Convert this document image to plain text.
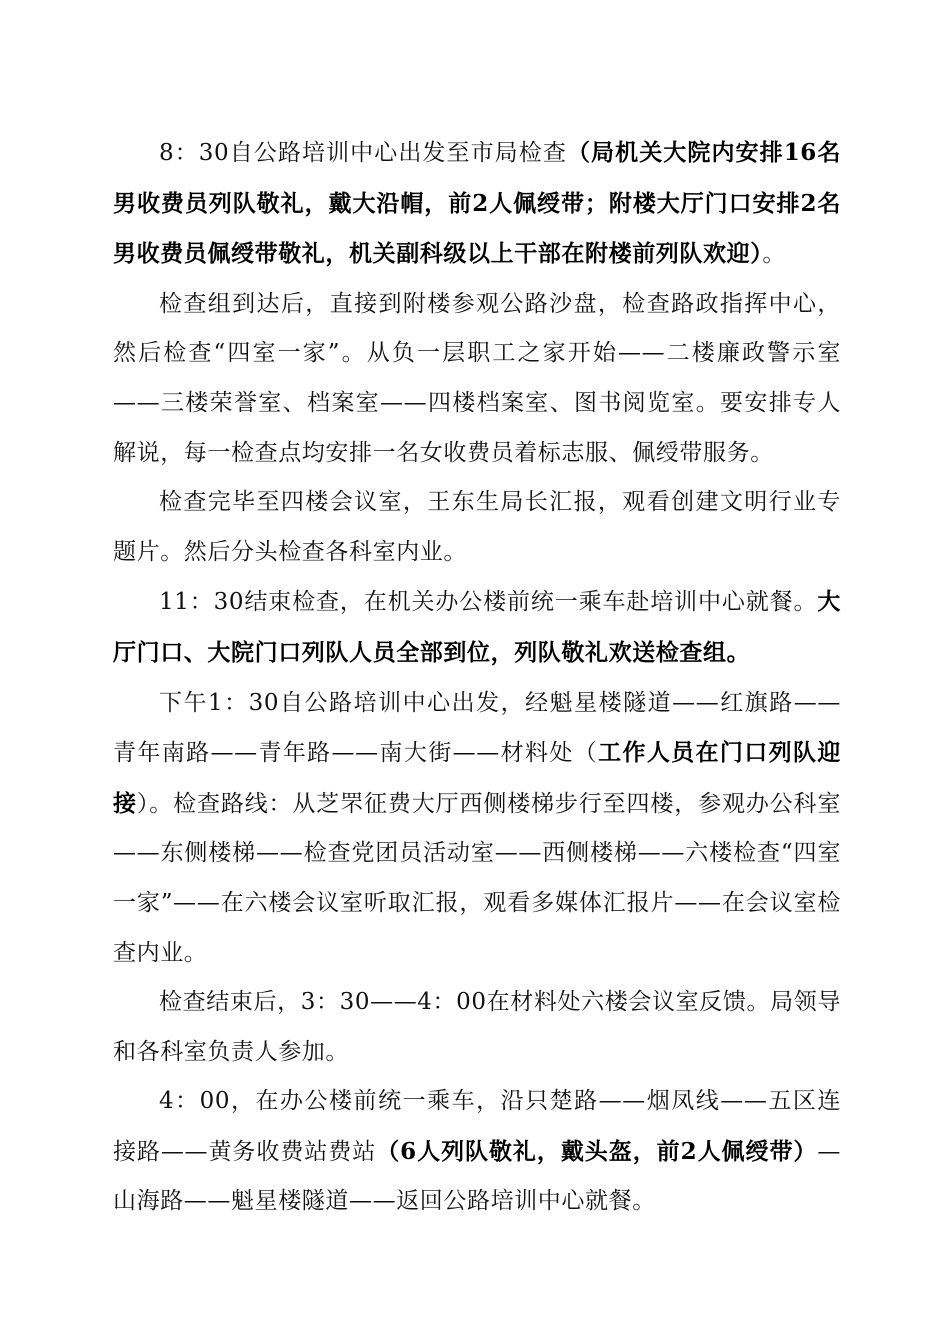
8：30自公路培训中心出发至市局检查（局机关大院内安排16名男收费员列队敬礼，戴大沿帽，前2人佩绶带；附楼大厅门口安排2名男收费员佩绶带敬礼，机关副科级以上干部在附楼前列队欢迎）。

检查组到达后，直接到附楼参观公路沙盘，检查路政指挥中心，然后检查“四室一家”。从负一层职工之家开始——二楼廉政警示室——三楼荣誉室、档案室——四楼档案室、图书阅览室。要安排专人解说，每一检查点均安排一名女收费员着标志服、佩绶带服务。

检查完毕至四楼会议室，王东生局长汇报，观看创建文明行业专题片。然后分头检查各科室内业。

11：30结束检查，在机关办公楼前统一乘车赴培训中心就餐。大厅门口、大院门口列队人员全部到位，列队敬礼欢送检查组。

下午1：30自公路培训中心出发，经魁星楼隧道——红旗路——青年南路——青年路——南大街——材料处（工作人员在门口列队迎接）。检查路线：从芝罘征费大厅西侧楼梯步行至四楼，参观办公科室——东侧楼梯——检查党团员活动室——西侧楼梯——六楼检查“四室一家”——在六楼会议室听取汇报，观看多媒体汇报片——在会议室检查内业。

检查结束后，3：30——4：00在材料处六楼会议室反馈。局领导和各科室负责人参加。

4：00，在办公楼前统一乘车，沿只楚路——烟凤线——五区连接路——黄务收费站费站（6人列队敬礼，戴头盔，前2人佩绶带）—山海路——魁星楼隧道——返回公路培训中心就餐。
